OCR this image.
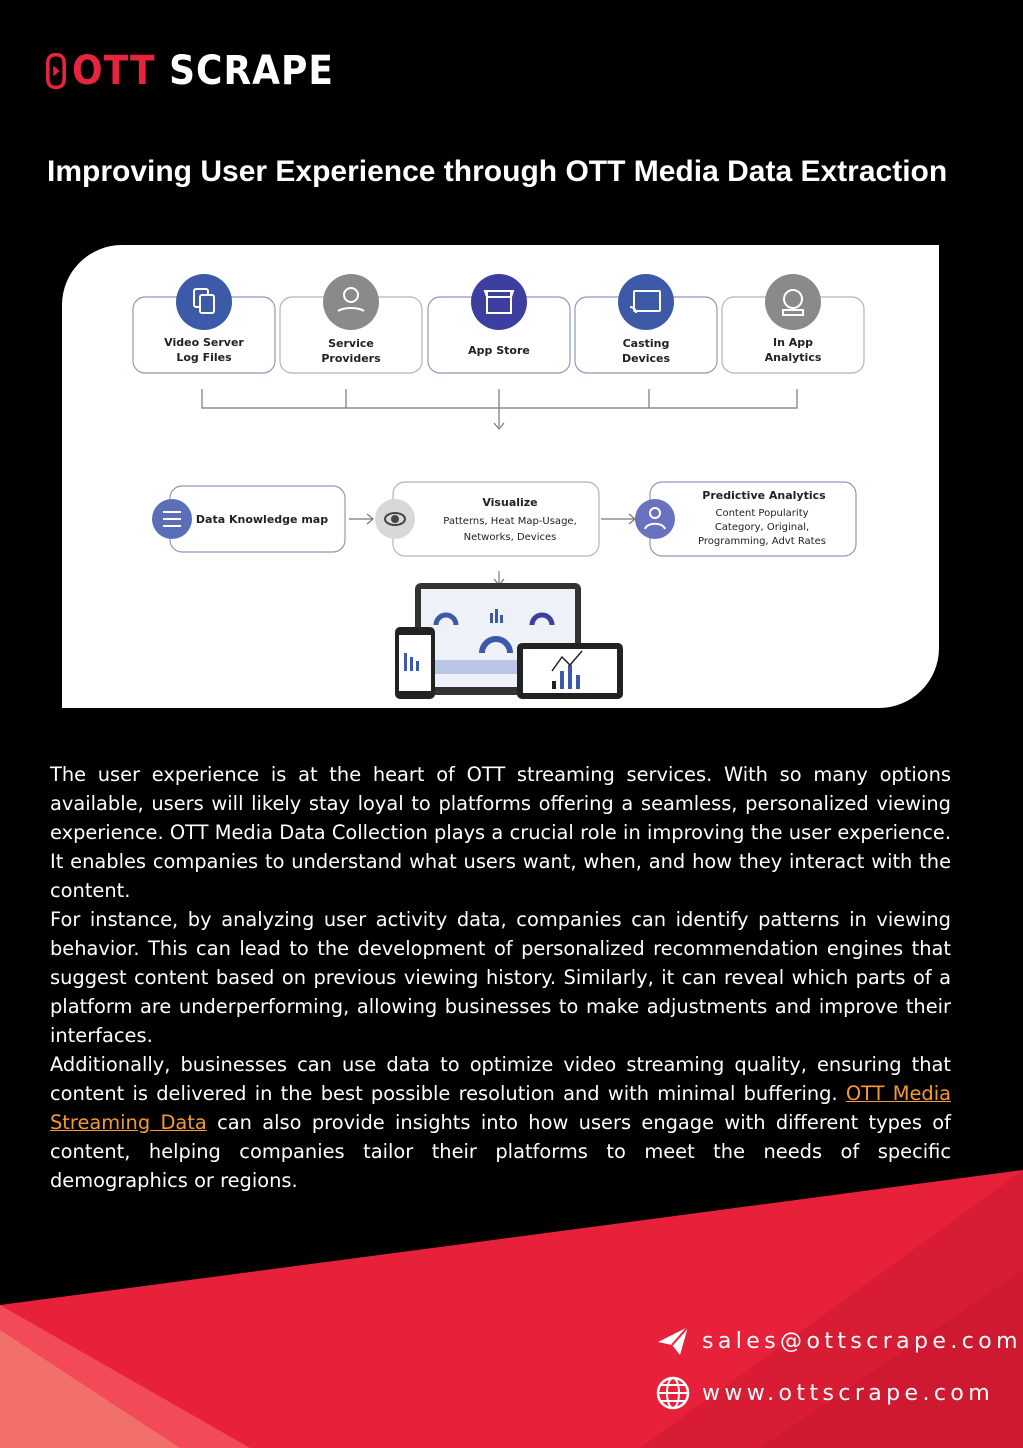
OTT SCRAPE
Improving User Experience through OTT Media Data Extraction
Video Server
Log Files
Service
Providers
App Store
Casting
Devices
In App
Analytics
Data Knowledge map
Visualize
Patterns, Heat Map-Usage,
Networks, Devices
Predictive Analytics
Content Popularity
Category, Original,
Programming, Advt Rates

The user experience is at the heart of OTT streaming services. With so many options available, users will likely stay loyal to platforms offering a seamless, personalized viewing experience. OTT Media Data Collection plays a crucial role in improving the user experience. It enables companies to understand what users want, when, and how they interact with the content.

For instance, by analyzing user activity data, companies can identify patterns in viewing behavior. This can lead to the development of personalized recommendation engines that suggest content based on previous viewing history. Similarly, it can reveal which parts of a platform are underperforming, allowing businesses to make adjustments and improve their interfaces.

Additionally, businesses can use data to optimize video streaming quality, ensuring that content is delivered in the best possible resolution and with minimal buffering. OTT Media Streaming Data can also provide insights into how users engage with different types of content, helping companies tailor their platforms to meet the needs of specific demographics or regions.

sales@ottscrape.com
www.ottscrape.com
